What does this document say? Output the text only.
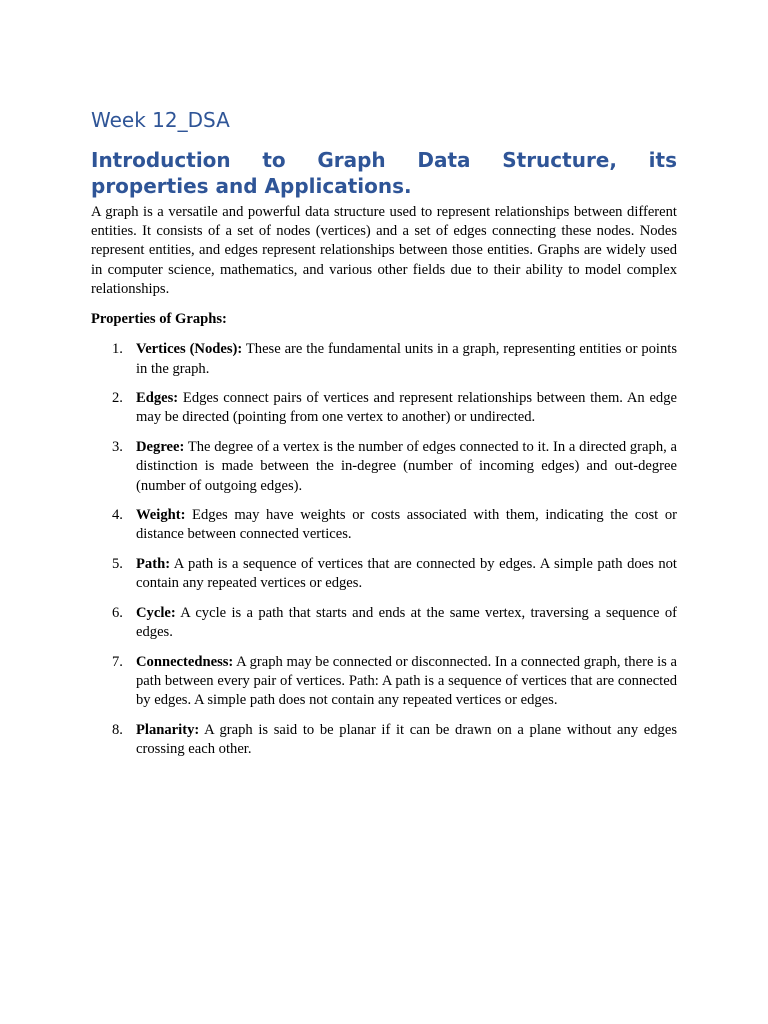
Week 12_DSA
Introduction to Graph Data Structure, its properties and Applications.

A graph is a versatile and powerful data structure used to represent relationships between different entities. It consists of a set of nodes (vertices) and a set of edges connecting these nodes. Nodes represent entities, and edges represent relationships between those entities. Graphs are widely used in computer science, mathematics, and various other fields due to their ability to model complex relationships.

Properties of Graphs:

1. Vertices (Nodes): These are the fundamental units in a graph, representing entities or points in the graph.
2. Edges: Edges connect pairs of vertices and represent relationships between them. An edge may be directed (pointing from one vertex to another) or undirected.
3. Degree: The degree of a vertex is the number of edges connected to it. In a directed graph, a distinction is made between the in-degree (number of incoming edges) and out-degree (number of outgoing edges).
4. Weight: Edges may have weights or costs associated with them, indicating the cost or distance between connected vertices.
5. Path: A path is a sequence of vertices that are connected by edges. A simple path does not contain any repeated vertices or edges.
6. Cycle: A cycle is a path that starts and ends at the same vertex, traversing a sequence of edges.
7. Connectedness: A graph may be connected or disconnected. In a connected graph, there is a path between every pair of vertices. Path: A path is a sequence of vertices that are connected by edges. A simple path does not contain any repeated vertices or edges.
8. Planarity: A graph is said to be planar if it can be drawn on a plane without any edges crossing each other.
